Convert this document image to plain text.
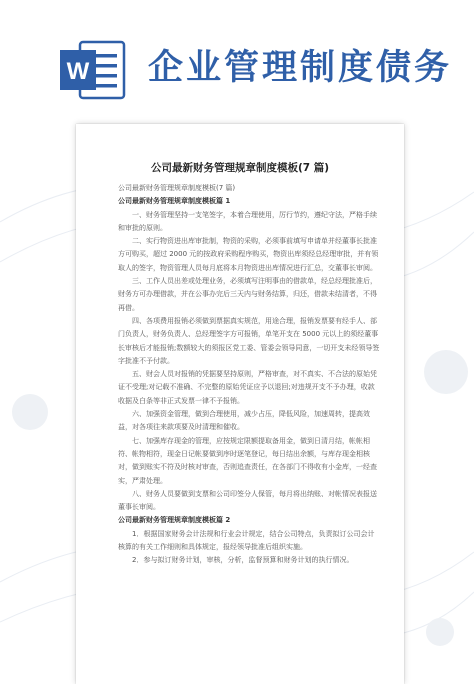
W 企业管理制度债务
公司最新财务管理规章制度模板(7 篇)

公司最新财务管理规章制度模板(7 篇)

公司最新财务管理规章制度模板篇 1

一、财务管理坚持一支笔签字，本着合理使用，厉行节约，遵纪守法，严格手续和审批的原则。

二、实行物资进出库审批制，物资的采购，必须事前填写申请单并经董事长批准方可购买，超过 2000 元的按政府采购程序购买，物资出库须经总经理审批，并有领取人的签字，物资管理人员每月底将本月物资进出库情况进行汇总，交董事长审阅。

三、工作人员出差或处理业务，必须填写注明事由的借款单，经总经理批准后，财务方可办理借款，并在公事办完后三天内与财务结算，归还，借款未结清者，不得再借。

四、各项费用报销必须做到票据真实规范，用途合理，报销发票要有经手人、部门负责人，财务负责人、总经理签字方可报销，单笔开支在 5000 元以上的须经董事长审核后才能报销;数额较大的须报区党工委、管委会领导同意，一切开支未经领导签字批准不予付款。

五、财会人员对报销的凭据要坚持原则，严格审查，对不真实、不合法的原始凭证不受理;对记载不准确、不完整的原始凭证应予以退回;对违规开支不予办理，收款收据及白条等非正式发票一律不予报销。

六、加强资金管理，做到合理使用，减少占压，降低风险，加速周转，提高效益，对各项往来款项要及时清理和催收。

七、加强库存现金的管理，应按规定限额提取备用金，做到日清月结，帐帐相符、帐物相符，现金日记帐要做到序时逐笔登记，每日结出余额，与库存现金相核对，做到账实不符及时核对审查，否则追查责任，在各部门不得收有小金库，一经查实，严肃处理。

八、财务人员要做到支票和公司印签分人保管，每月将出纳账、对帐情况表报送董事长审阅。

公司最新财务管理规章制度模板篇 2

1．根据国家财务会计法规和行业会计规定，结合公司特点，负责拟订公司会计核算的有关工作细则和具体规定，报经领导批准后组织实施。

2．参与拟订财务计划，审核，分析，监督预算和财务计划的执行情况。
